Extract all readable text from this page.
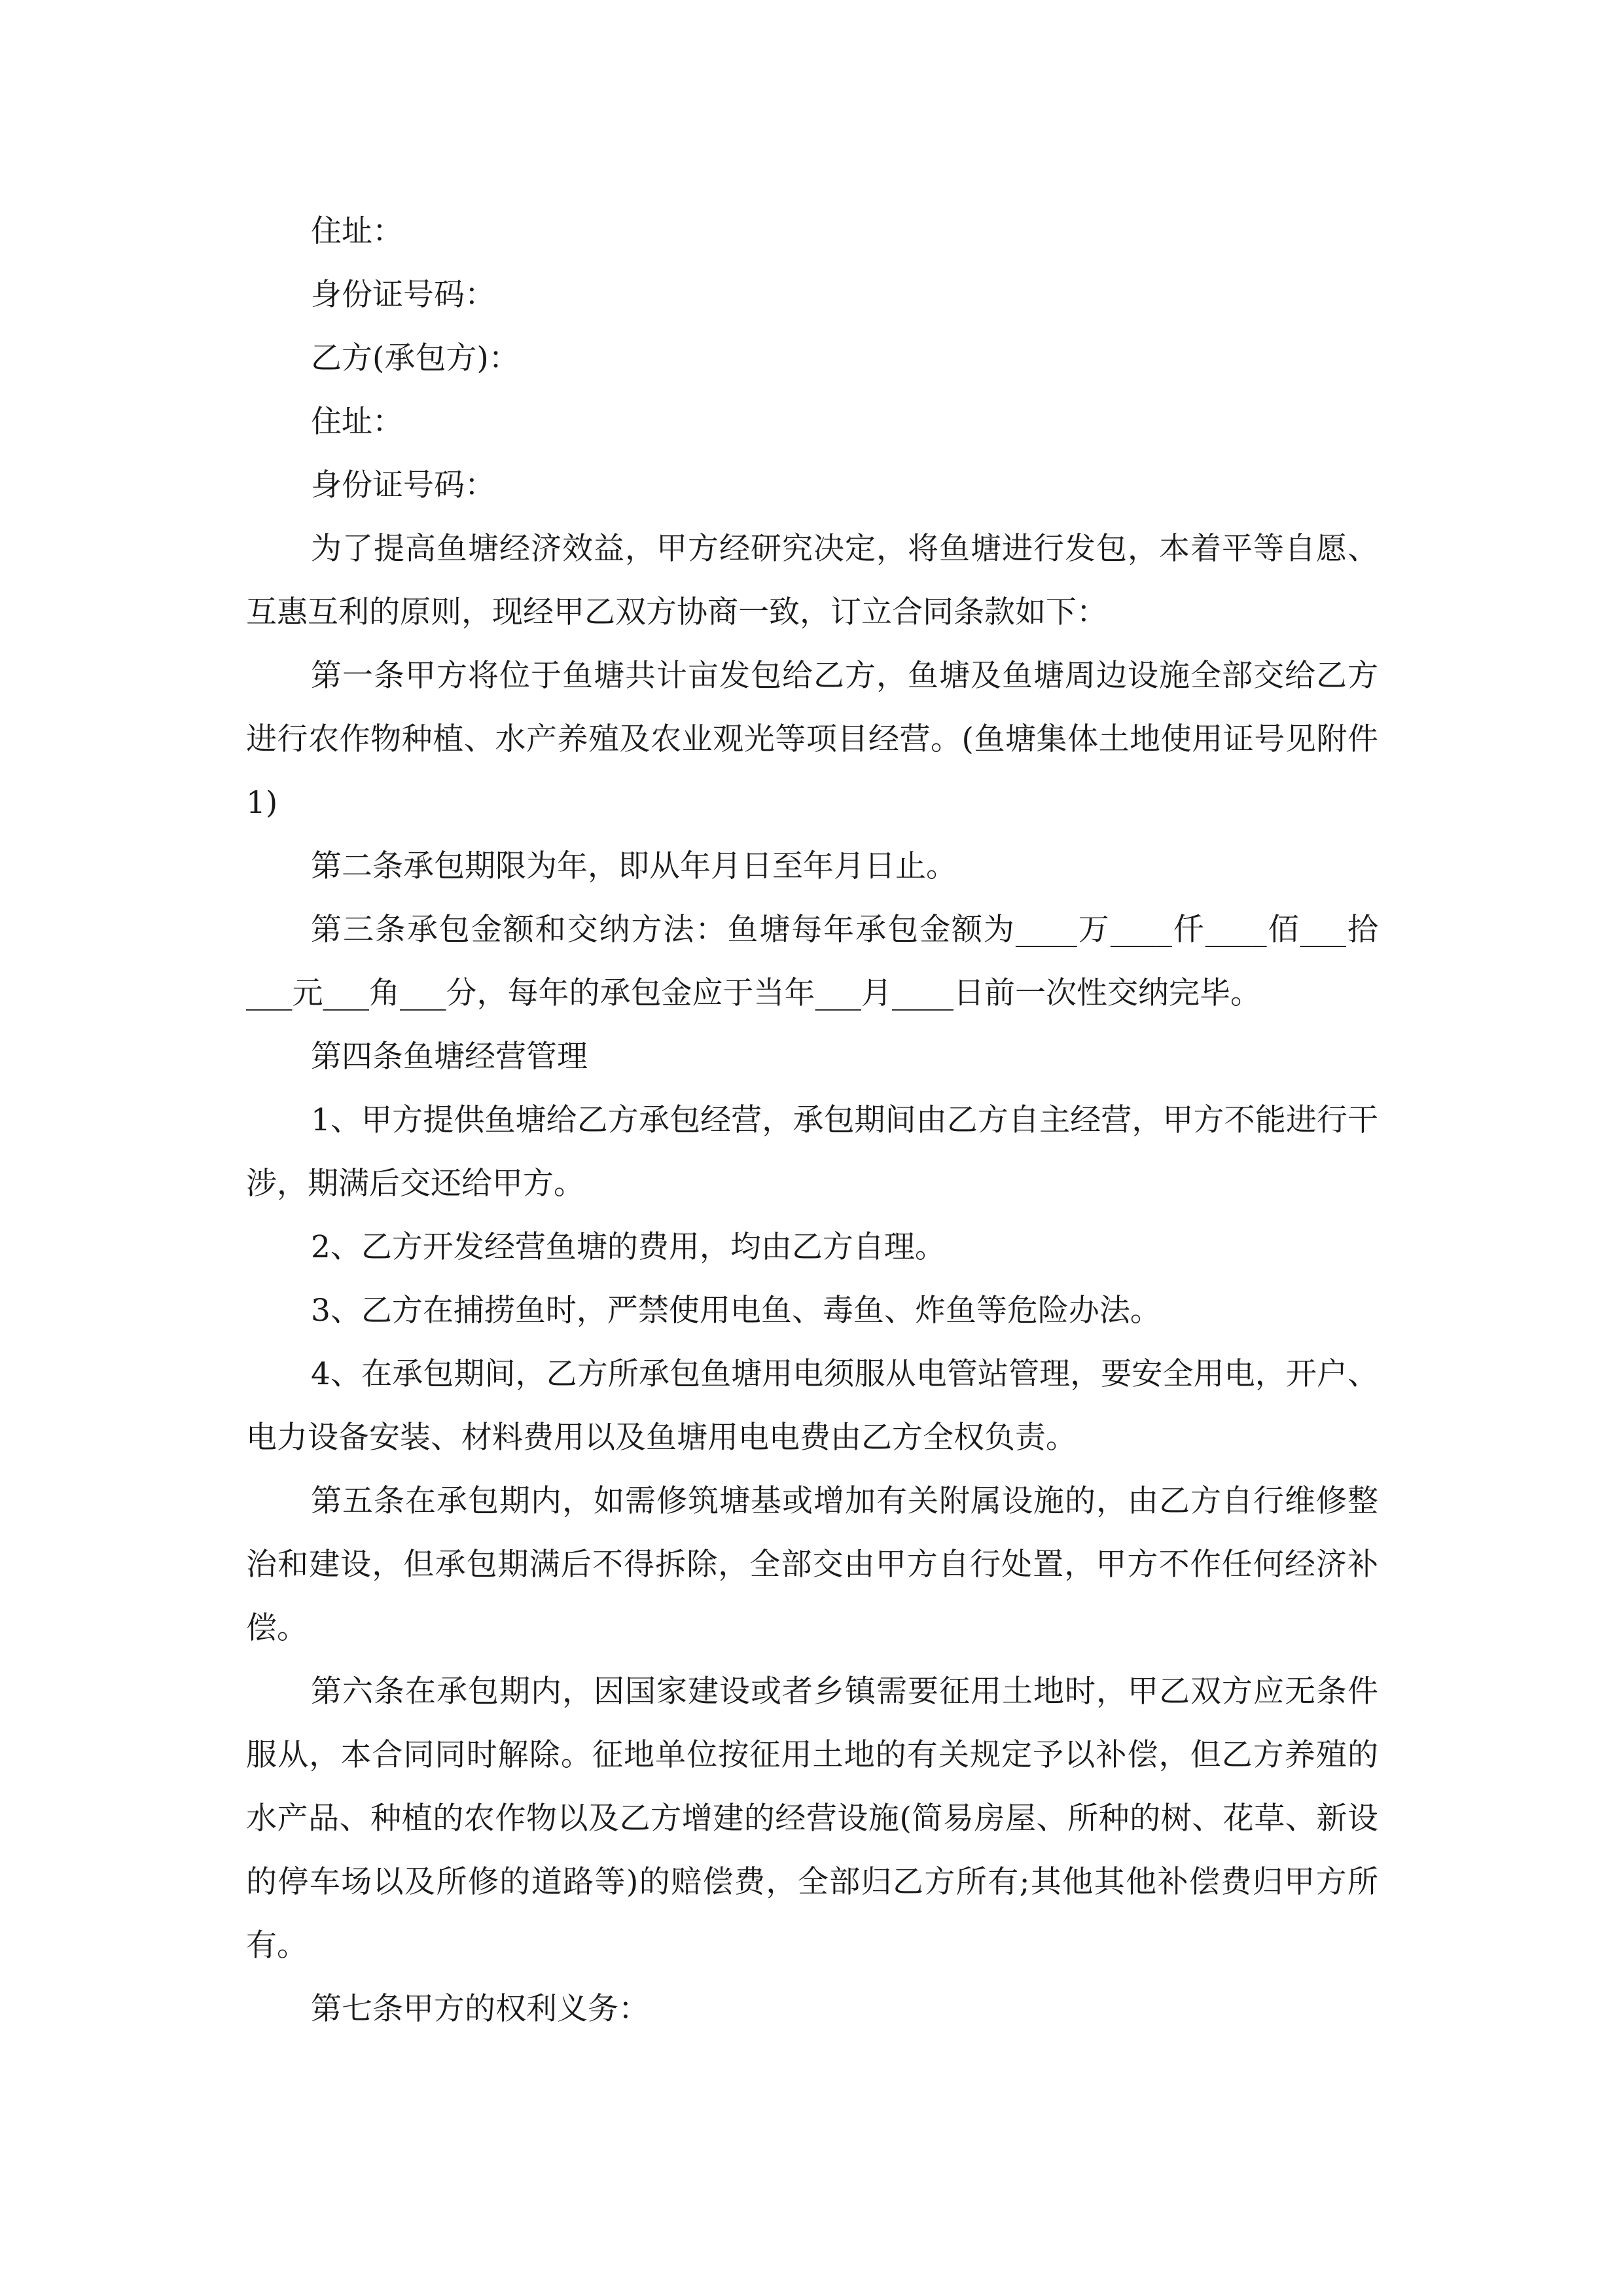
住址：

身份证号码：

乙方(承包方)：

住址：

身份证号码：

为了提高鱼塘经济效益，甲方经研究决定，将鱼塘进行发包，本着平等自愿、互惠互利的原则，现经甲乙双方协商一致，订立合同条款如下：

第一条甲方将位于鱼塘共计亩发包给乙方，鱼塘及鱼塘周边设施全部交给乙方进行农作物种植、水产养殖及农业观光等项目经营。(鱼塘集体土地使用证号见附件 1)

第二条承包期限为年，即从年月日至年月日止。

第三条承包金额和交纳方法：鱼塘每年承包金额为____万____仟____佰___拾___元___角___分，每年的承包金应于当年___月____日前一次性交纳完毕。

第四条鱼塘经营管理

1、甲方提供鱼塘给乙方承包经营，承包期间由乙方自主经营，甲方不能进行干涉，期满后交还给甲方。

2、乙方开发经营鱼塘的费用，均由乙方自理。

3、乙方在捕捞鱼时，严禁使用电鱼、毒鱼、炸鱼等危险办法。

4、在承包期间，乙方所承包鱼塘用电须服从电管站管理，要安全用电，开户、电力设备安装、材料费用以及鱼塘用电电费由乙方全权负责。

第五条在承包期内，如需修筑塘基或增加有关附属设施的，由乙方自行维修整治和建设，但承包期满后不得拆除，全部交由甲方自行处置，甲方不作任何经济补偿。

第六条在承包期内，因国家建设或者乡镇需要征用土地时，甲乙双方应无条件服从，本合同同时解除。征地单位按征用土地的有关规定予以补偿，但乙方养殖的水产品、种植的农作物以及乙方增建的经营设施(简易房屋、所种的树、花草、新设的停车场以及所修的道路等)的赔偿费，全部归乙方所有;其他其他补偿费归甲方所有。

第七条甲方的权利义务：
